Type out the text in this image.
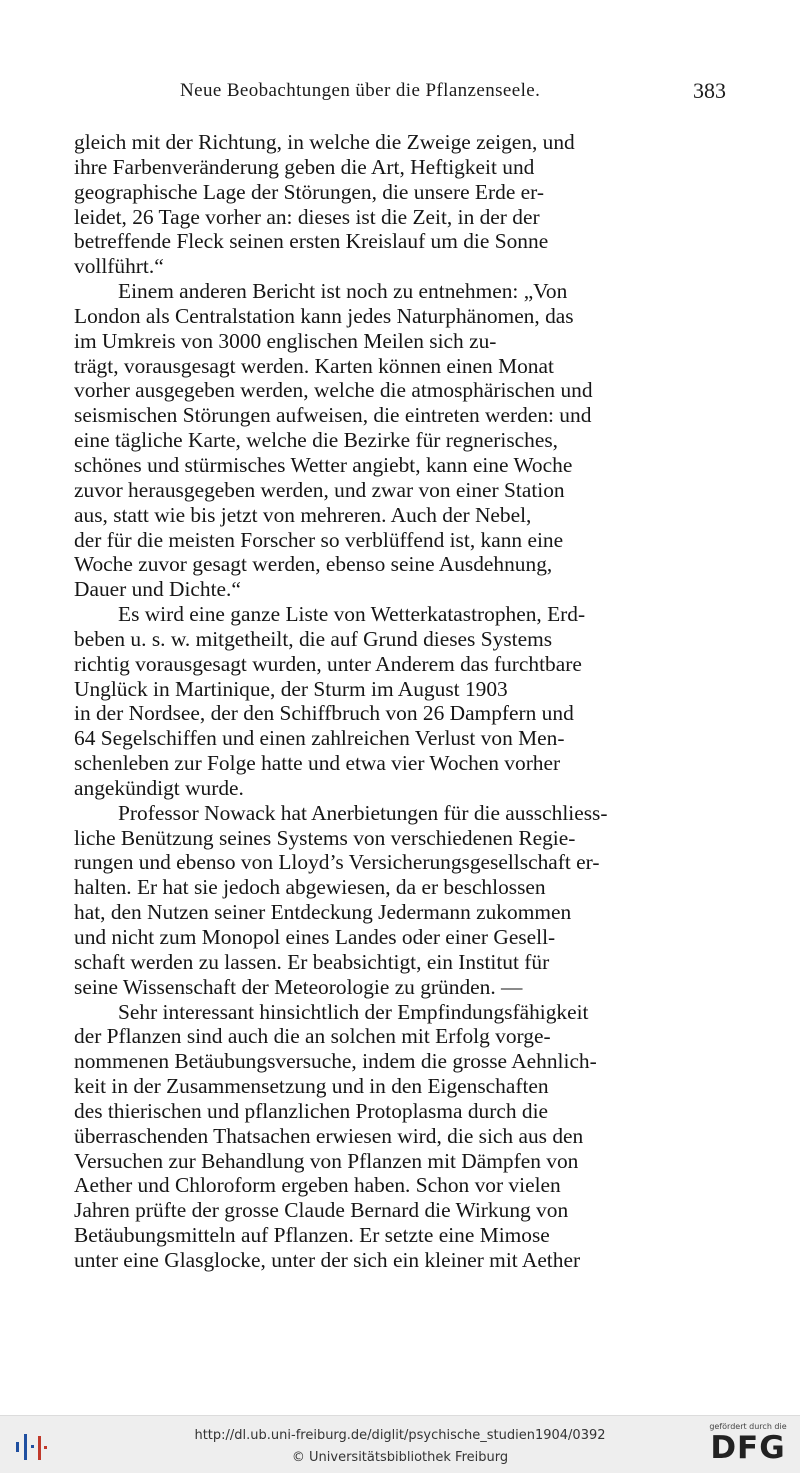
Neue Beobachtungen über die Pflanzenseele.	383
gleich mit der Richtung, in welche die Zweige zeigen, und
ihre Farbenveränderung geben die Art, Heftigkeit und
geographische Lage der Störungen, die unsere Erde er-
leidet, 26 Tage vorher an: dieses ist die Zeit, in der der
betreffende Fleck seinen ersten Kreislauf um die Sonne
vollführt.“
Einem anderen Bericht ist noch zu entnehmen: „Von
London als Centralstation kann jedes Naturphänomen, das
im Umkreis von 3000 englischen Meilen sich zu-
trägt, vorausgesagt werden. Karten können einen Monat
vorher ausgegeben werden, welche die atmosphärischen und
seismischen Störungen aufweisen, die eintreten werden: und
eine tägliche Karte, welche die Bezirke für regnerisches,
schönes und stürmisches Wetter angiebt, kann eine Woche
zuvor herausgegeben werden, und zwar von einer Station
aus, statt wie bis jetzt von mehreren. Auch der Nebel,
der für die meisten Forscher so verblüffend ist, kann eine
Woche zuvor gesagt werden, ebenso seine Ausdehnung,
Dauer und Dichte.“
Es wird eine ganze Liste von Wetterkatastrophen, Erd-
beben u. s. w. mitgetheilt, die auf Grund dieses Systems
richtig vorausgesagt wurden, unter Anderem das furchtbare
Unglück in Martinique, der Sturm im August 1903
in der Nordsee, der den Schiffbruch von 26 Dampfern und
64 Segelschiffen und einen zahlreichen Verlust von Men-
schenleben zur Folge hatte und etwa vier Wochen vorher
angekündigt wurde.
Professor Nowack hat Anerbietungen für die ausschliess-
liche Benützung seines Systems von verschiedenen Regie-
rungen und ebenso von Lloyd’s Versicherungsgesellschaft er-
halten. Er hat sie jedoch abgewiesen, da er beschlossen
hat, den Nutzen seiner Entdeckung Jedermann zukommen
und nicht zum Monopol eines Landes oder einer Gesell-
schaft werden zu lassen. Er beabsichtigt, ein Institut für
seine Wissenschaft der Meteorologie zu gründen. —
Sehr interessant hinsichtlich der Empfindungsfähigkeit
der Pflanzen sind auch die an solchen mit Erfolg vorge-
nommenen Betäubungsversuche, indem die grosse Aehnlich-
keit in der Zusammensetzung und in den Eigenschaften
des thierischen und pflanzlichen Protoplasma durch die
überraschenden Thatsachen erwiesen wird, die sich aus den
Versuchen zur Behandlung von Pflanzen mit Dämpfen von
Aether und Chloroform ergeben haben. Schon vor vielen
Jahren prüfte der grosse Claude Bernard die Wirkung von
Betäubungsmitteln auf Pflanzen. Er setzte eine Mimose
unter eine Glasglocke, unter der sich ein kleiner mit Aether
http://dl.ub.uni-freiburg.de/diglit/psychische_studien1904/0392
© Universitätsbibliothek Freiburg
gefördert durch die
DFG
